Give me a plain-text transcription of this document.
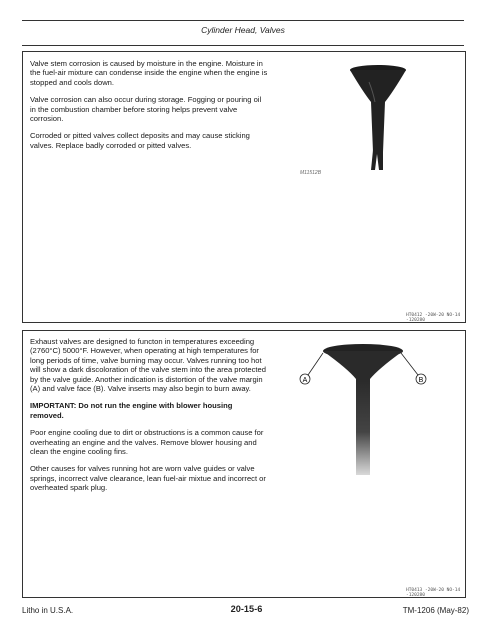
Cylinder Head, Valves

Valve stem corrosion is caused by moisture in the engine. Moisture in the fuel-air mixture can condense inside the engine when the engine is stopped and cools down.

Valve corrosion can also occur during storage. Fogging or pouring oil in the combustion chamber before storing helps prevent valve corrosion.

Corroded or pitted valves collect deposits and may cause sticking valves. Replace badly corroded or pitted valves.

M11512B
HT0412 -20W-20 NO-14 -120280

Exhaust valves are designed to functon in temperatures exceeding (2760°C) 5000°F. However, when operating at high temperatures for long periods of time, valve burning may occur. Valves running too hot will show a dark discoloration of the valve stem into the area protected by the valve guide. Another indication is distortion of the valve margin (A) and valve face (B). Valve inserts may also begin to burn away.

IMPORTANT: Do not run the engine with blower housing removed.

Poor engine cooling due to dirt or obstructions is a common cause for overheating an engine and the valves. Remove blower housing and clean the engine cooling fins.

Other causes for valves running hot are worn valve guides or valve springs, incorrect valve clearance, lean fuel-air mixtue and incorrect or overheated spark plug.

A	B
HT0413 -20W-20 NO-14 -120280
Litho in U.S.A.	20-15-6	TM-1206 (May-82)
